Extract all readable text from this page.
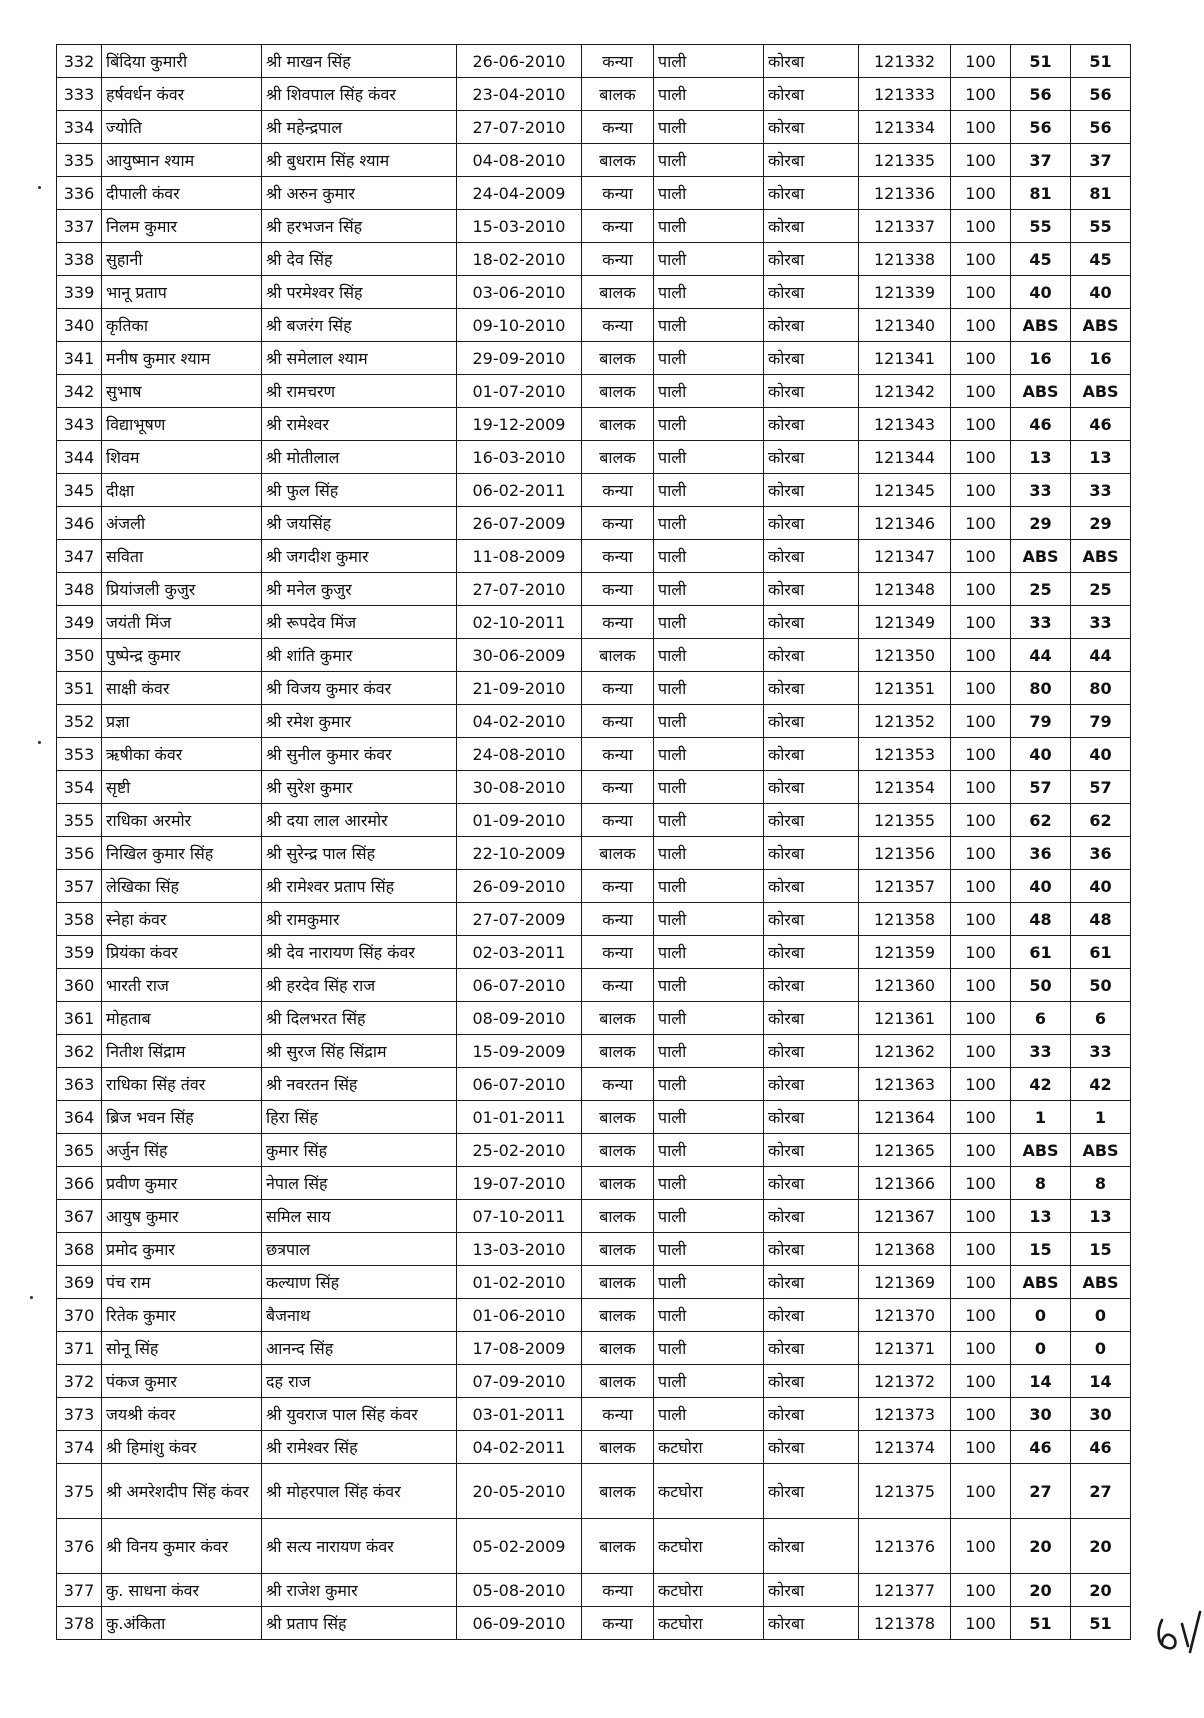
332	बिंदिया कुमारी	श्री माखन सिंह	26-06-2010	कन्या	पाली	कोरबा	121332	100	51	51
333	हर्षवर्धन कंवर	श्री शिवपाल सिंह कंवर	23-04-2010	बालक	पाली	कोरबा	121333	100	56	56
334	ज्योति	श्री महेन्द्रपाल	27-07-2010	कन्या	पाली	कोरबा	121334	100	56	56
335	आयुष्मान श्याम	श्री बुधराम सिंह श्याम	04-08-2010	बालक	पाली	कोरबा	121335	100	37	37
336	दीपाली कंवर	श्री अरुन कुमार	24-04-2009	कन्या	पाली	कोरबा	121336	100	81	81
337	निलम कुमार	श्री हरभजन सिंह	15-03-2010	कन्या	पाली	कोरबा	121337	100	55	55
338	सुहानी	श्री देव सिंह	18-02-2010	कन्या	पाली	कोरबा	121338	100	45	45
339	भानू प्रताप	श्री परमेश्वर सिंह	03-06-2010	बालक	पाली	कोरबा	121339	100	40	40
340	कृतिका	श्री बजरंग सिंह	09-10-2010	कन्या	पाली	कोरबा	121340	100	ABS	ABS
341	मनीष कुमार श्याम	श्री समेलाल श्याम	29-09-2010	बालक	पाली	कोरबा	121341	100	16	16
342	सुभाष	श्री रामचरण	01-07-2010	बालक	पाली	कोरबा	121342	100	ABS	ABS
343	विद्याभूषण	श्री रामेश्वर	19-12-2009	बालक	पाली	कोरबा	121343	100	46	46
344	शिवम	श्री मोतीलाल	16-03-2010	बालक	पाली	कोरबा	121344	100	13	13
345	दीक्षा	श्री फुल सिंह	06-02-2011	कन्या	पाली	कोरबा	121345	100	33	33
346	अंजली	श्री जयसिंह	26-07-2009	कन्या	पाली	कोरबा	121346	100	29	29
347	सविता	श्री जगदीश कुमार	11-08-2009	कन्या	पाली	कोरबा	121347	100	ABS	ABS
348	प्रियांजली कुजुर	श्री मनेल कुजुर	27-07-2010	कन्या	पाली	कोरबा	121348	100	25	25
349	जयंती मिंज	श्री रूपदेव मिंज	02-10-2011	कन्या	पाली	कोरबा	121349	100	33	33
350	पुष्पेन्द्र कुमार	श्री शांति कुमार	30-06-2009	बालक	पाली	कोरबा	121350	100	44	44
351	साक्षी कंवर	श्री विजय कुमार कंवर	21-09-2010	कन्या	पाली	कोरबा	121351	100	80	80
352	प्रज्ञा	श्री रमेश कुमार	04-02-2010	कन्या	पाली	कोरबा	121352	100	79	79
353	ऋषीका कंवर	श्री सुनील कुमार कंवर	24-08-2010	कन्या	पाली	कोरबा	121353	100	40	40
354	सृष्टी	श्री सुरेश कुमार	30-08-2010	कन्या	पाली	कोरबा	121354	100	57	57
355	राधिका अरमोर	श्री दया लाल आरमोर	01-09-2010	कन्या	पाली	कोरबा	121355	100	62	62
356	निखिल कुमार सिंह	श्री सुरेन्द्र पाल सिंह	22-10-2009	बालक	पाली	कोरबा	121356	100	36	36
357	लेखिका सिंह	श्री रामेश्वर प्रताप सिंह	26-09-2010	कन्या	पाली	कोरबा	121357	100	40	40
358	स्नेहा कंवर	श्री रामकुमार	27-07-2009	कन्या	पाली	कोरबा	121358	100	48	48
359	प्रियंका कंवर	श्री देव नारायण सिंह कंवर	02-03-2011	कन्या	पाली	कोरबा	121359	100	61	61
360	भारती राज	श्री हरदेव सिंह राज	06-07-2010	कन्या	पाली	कोरबा	121360	100	50	50
361	मोहताब	श्री दिलभरत सिंह	08-09-2010	बालक	पाली	कोरबा	121361	100	6	6
362	नितीश सिंद्राम	श्री सुरज सिंह सिंद्राम	15-09-2009	बालक	पाली	कोरबा	121362	100	33	33
363	राधिका सिंह तंवर	श्री नवरतन सिंह	06-07-2010	कन्या	पाली	कोरबा	121363	100	42	42
364	ब्रिज भवन सिंह	हिरा सिंह	01-01-2011	बालक	पाली	कोरबा	121364	100	1	1
365	अर्जुन सिंह	कुमार सिंह	25-02-2010	बालक	पाली	कोरबा	121365	100	ABS	ABS
366	प्रवीण कुमार	नेपाल सिंह	19-07-2010	बालक	पाली	कोरबा	121366	100	8	8
367	आयुष कुमार	समिल साय	07-10-2011	बालक	पाली	कोरबा	121367	100	13	13
368	प्रमोद कुमार	छत्रपाल	13-03-2010	बालक	पाली	कोरबा	121368	100	15	15
369	पंच राम	कल्याण सिंह	01-02-2010	बालक	पाली	कोरबा	121369	100	ABS	ABS
370	रितेक कुमार	बैजनाथ	01-06-2010	बालक	पाली	कोरबा	121370	100	0	0
371	सोनू सिंह	आनन्द सिंह	17-08-2009	बालक	पाली	कोरबा	121371	100	0	0
372	पंकज कुमार	दह राज	07-09-2010	बालक	पाली	कोरबा	121372	100	14	14
373	जयश्री कंवर	श्री युवराज पाल सिंह कंवर	03-01-2011	कन्या	पाली	कोरबा	121373	100	30	30
374	श्री हिमांशु कंवर	श्री रामेश्वर सिंह	04-02-2011	बालक	कटघोरा	कोरबा	121374	100	46	46
375	श्री अमरेशदीप सिंह कंवर	श्री मोहरपाल सिंह कंवर	20-05-2010	बालक	कटघोरा	कोरबा	121375	100	27	27
376	श्री विनय कुमार कंवर	श्री सत्य नारायण कंवर	05-02-2009	बालक	कटघोरा	कोरबा	121376	100	20	20
377	कु. साधना कंवर	श्री राजेश कुमार	05-08-2010	कन्या	कटघोरा	कोरबा	121377	100	20	20
378	कु.अंकिता	श्री प्रताप सिंह	06-09-2010	कन्या	कटघोरा	कोरबा	121378	100	51	51
